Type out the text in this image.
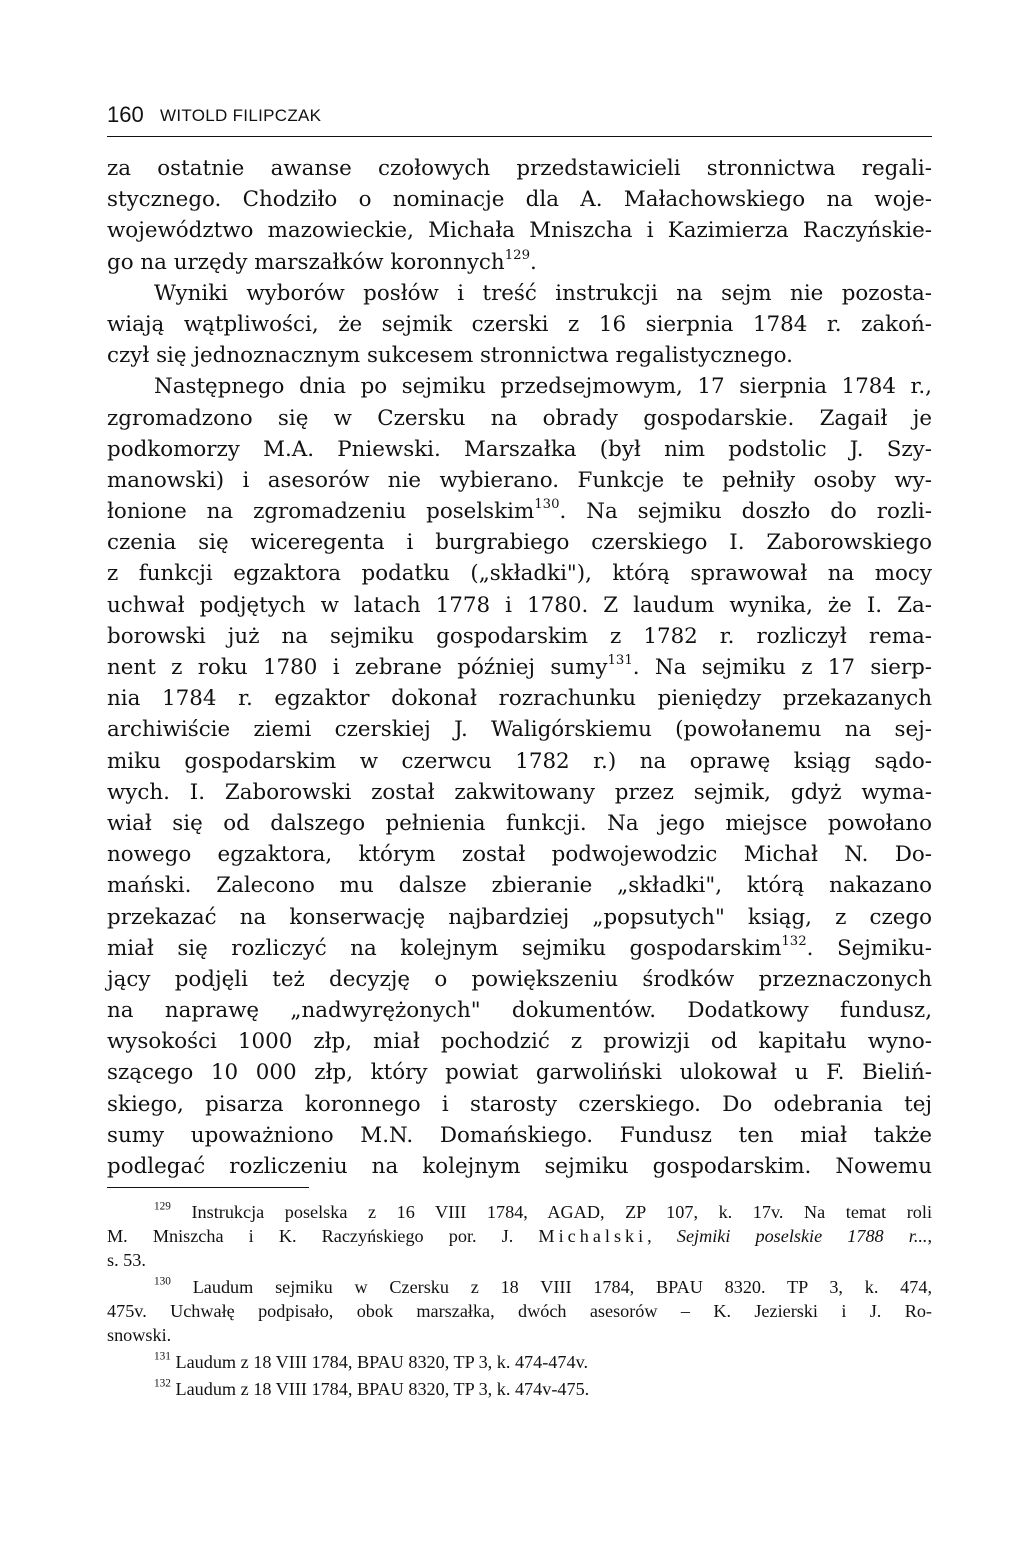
160 WITOLD FILIPCZAK
za ostatnie awanse czołowych przedstawicieli stronnictwa regali-
stycznego. Chodziło o nominacje dla A. Małachowskiego na woje-
województwo mazowieckie, Michała Mniszcha i Kazimierza Raczyńskie-
go na urzędy marszałków koronnych$^{129}$.
Wyniki wyborów posłów i treść instrukcji na sejm nie pozosta-
wiają wątpliwości, że sejmik czerski z 16 sierpnia 1784 r. zakoń-
czył się jednoznacznym sukcesem stronnictwa regalistycznego.
Następnego dnia po sejmiku przedsejmowym, 17 sierpnia 1784 r.,
zgromadzono się w Czersku na obrady gospodarskie. Zagaił je
podkomorzy M.A. Pniewski. Marszałka (był nim podstolic J. Szy-
manowski) i asesorów nie wybierano. Funkcje te pełniły osoby wy-
łonione na zgromadzeniu poselskim$^{130}$. Na sejmiku doszło do rozli-
czenia się wiceregenta i burgrabiego czerskiego I. Zaborowskiego
z funkcji egzaktora podatku („składki"), którą sprawował na mocy
uchwał podjętych w latach 1778 i 1780. Z laudum wynika, że I. Za-
borowski już na sejmiku gospodarskim z 1782 r. rozliczył rema-
nent z roku 1780 i zebrane później sumy$^{131}$. Na sejmiku z 17 sierp-
nia 1784 r. egzaktor dokonał rozrachunku pieniędzy przekazanych
archiwiście ziemi czerskiej J. Waligórskiemu (powołanemu na sej-
miku gospodarskim w czerwcu 1782 r.) na oprawę ksiąg sądo-
wych. I. Zaborowski został zakwitowany przez sejmik, gdyż wyma-
wiał się od dalszego pełnienia funkcji. Na jego miejsce powołano
nowego egzaktora, którym został podwojewodzic Michał N. Do-
mański. Zalecono mu dalsze zbieranie „składki", którą nakazano
przekazać na konserwację najbardziej „popsutych" ksiąg, z czego
miał się rozliczyć na kolejnym sejmiku gospodarskim$^{132}$. Sejmiku-
jący podjęli też decyzję o powiększeniu środków przeznaczonych
na naprawę „nadwyrężonych" dokumentów. Dodatkowy fundusz,
wysokości 1000 złp, miał pochodzić z prowizji od kapitału wyno-
szącego 10 000 złp, który powiat garwoliński ulokował u F. Bieliń-
skiego, pisarza koronnego i starosty czerskiego. Do odebrania tej
sumy upoważniono M.N. Domańskiego. Fundusz ten miał także
podlegać rozliczeniu na kolejnym sejmiku gospodarskim. Nowemu
$^{129}$ Instrukcja poselska z 16 VIII 1784, AGAD, ZP 107, k. 17v. Na temat roli
M. Mniszcha i K. Raczyńskiego por. J. Michalski, Sejmiki poselskie 1788 r...,
s. 53.
$^{130}$ Laudum sejmiku w Czersku z 18 VIII 1784, BPAU 8320. TP 3, k. 474,
475v. Uchwałę podpisało, obok marszałka, dwóch asesorów – K. Jezierski i J. Ro-
snowski.
$^{131}$ Laudum z 18 VIII 1784, BPAU 8320, TP 3, k. 474-474v.
$^{132}$ Laudum z 18 VIII 1784, BPAU 8320, TP 3, k. 474v-475.
